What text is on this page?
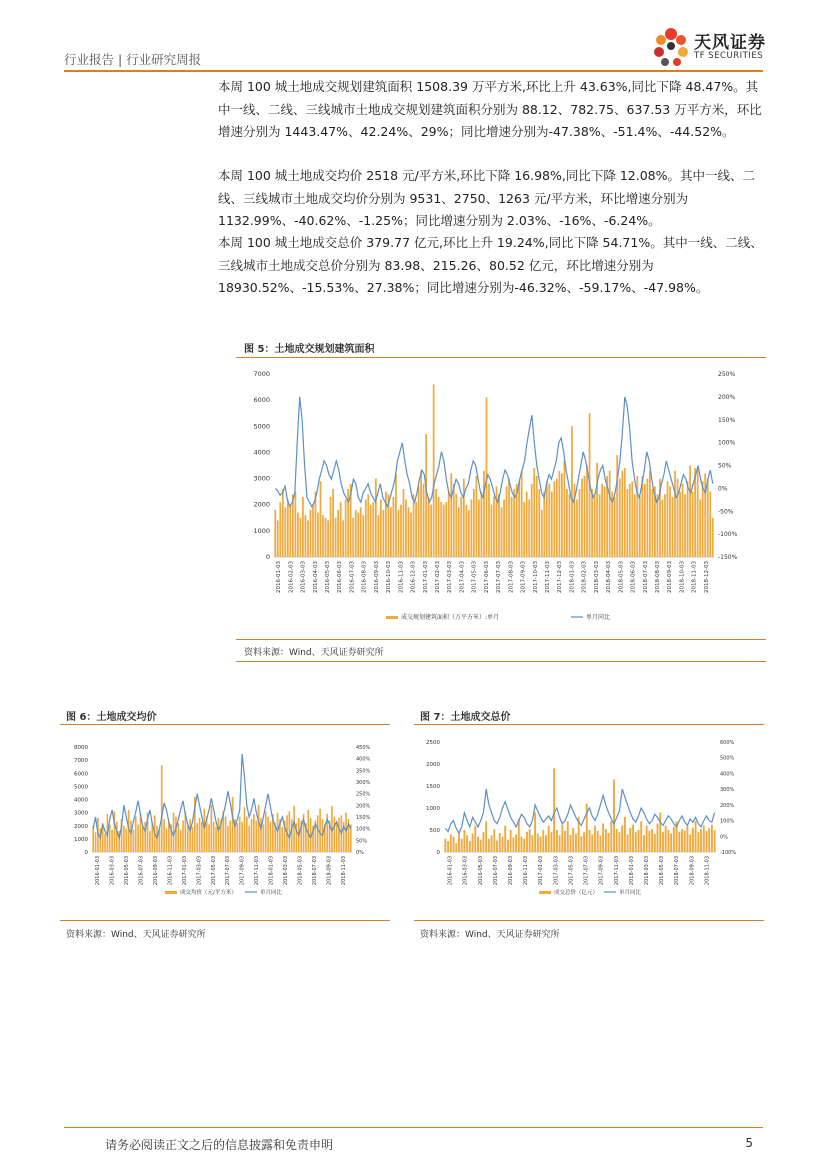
行业报告 | 行业研究周报
天风证券
TF SECURITIES
本周 100 城土地成交规划建筑面积 1508.39 万平方米,环比上升 43.63%,同比下降 48.47%。其中一线、二线、三线城市土地成交规划建筑面积分别为 88.12、782.75、637.53 万平方米，环比增速分别为 1443.47%、42.24%、29%；同比增速分别为-47.38%、-51.4%、-44.52%。
本周 100 城土地成交均价 2518 元/平方米,环比下降 16.98%,同比下降 12.08%。其中一线、二线、三线城市土地成交均价分别为 9531、2750、1263 元/平方米，环比增速分别为 1132.99%、-40.62%、-1.25%；同比增速分别为 2.03%、-16%、-6.24%。
本周 100 城土地成交总价 379.77 亿元,环比上升 19.24%,同比下降 54.71%。其中一线、二线、三线城市土地成交总价分别为 83.98、215.26、80.52 亿元，环比增速分别为 18930.52%、-15.53%、27.38%；同比增速分别为-46.32%、-59.17%、-47.98%。
图 5：土地成交规划建筑面积
0
1000
2000
3000
4000
5000
6000
7000
-150%
-100%
-50%
0%
50%
100%
150%
200%
250%
2016-01-03 2016-02-03 2016-03-03 2016-04-03 2016-05-03 2016-06-03 2016-07-03 2016-08-03 2016-09-03 2016-10-03 2016-11-03 2016-12-03 2017-01-03 2017-02-03 2017-03-03 2017-04-03 2017-05-03 2017-06-03 2017-07-03 2017-08-03 2017-09-03 2017-10-03 2017-11-03 2017-12-03 2018-01-03 2018-02-03 2018-03-03 2018-04-03 2018-05-03 2018-06-03 2018-07-03 2018-08-03 2018-09-03 2018-10-03 2018-11-03 2018-12-03
成交规划建筑面积（万平方米）:单月	单月同比
资料来源：Wind、天风证券研究所
图 6：土地成交均价
0
1000
2000
3000
4000
5000
6000
7000
8000
0%
50%
100%
150%
200%
250%
300%
350%
400%
450%
2016-01-03 2016-03-03 2016-05-03 2016-07-03 2016-09-03 2016-11-03 2017-01-03 2017-03-03 2017-05-03 2017-07-03 2017-09-03 2017-11-03 2018-01-03 2018-03-03 2018-05-03 2018-07-03 2018-09-03 2018-11-03
成交均价（元/平方米）	单月同比
资料来源：Wind、天风证券研究所
图 7：土地成交总价
0
500
1000
1500
2000
2500
-100%
0%
100%
200%
300%
400%
500%
600%
2016-01-03 2016-03-03 2016-05-03 2016-07-03 2016-09-03 2016-11-03 2017-01-03 2017-03-03 2017-05-03 2017-07-03 2017-09-03 2017-11-03 2018-01-03 2018-03-03 2018-05-03 2018-07-03 2018-09-03 2018-11-03
成交总价（亿元）	单月同比
资料来源：Wind、天风证券研究所
请务必阅读正文之后的信息披露和免责申明	5
